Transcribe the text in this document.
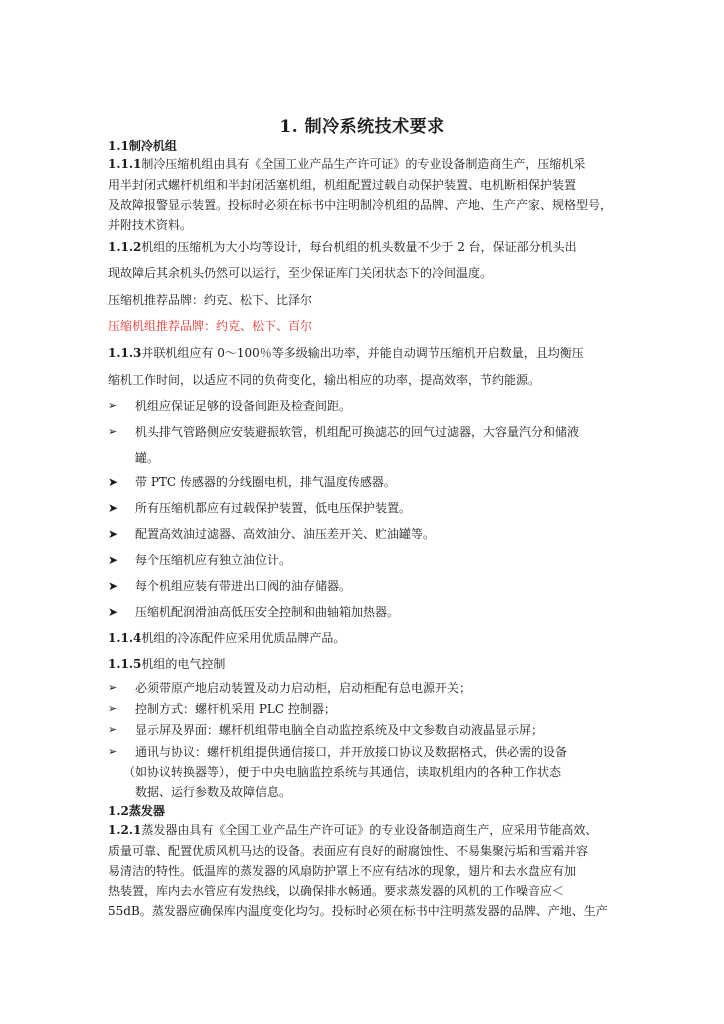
1. 制冷系统技术要求
1.1制冷机组
1.1.1制冷压缩机组由具有《全国工业产品生产许可证》的专业设备制造商生产，压缩机采
用半封闭式螺杆机组和半封闭活塞机组，机组配置过载自动保护装置、电机断相保护装置
及故障报警显示装置。投标时必须在标书中注明制冷机组的品牌、产地、生产产家、规格型号，
并附技术资料。
1.1.2机组的压缩机为大小均等设计，每台机组的机头数量不少于 2 台，保证部分机头出
现故障后其余机头仍然可以运行，至少保证库门关闭状态下的冷间温度。
压缩机推荐品牌：约克、松下、比泽尔
压缩机组推荐品牌：约克、松下、百尔
1.1.3并联机组应有 0～100％等多级输出功率，并能自动调节压缩机开启数量，且均衡压
缩机工作时间，以适应不同的负荷变化，输出相应的功率，提高效率，节约能源。
➢	机组应保证足够的设备间距及检查间距。
➢	机头排气管路侧应安装避振软管，机组配可换滤芯的回气过滤器，大容量汽分和储液
罐。
➤	带 PTC 传感器的分线圈电机，排气温度传感器。
➤	所有压缩机都应有过载保护装置，低电压保护装置。
➤	配置高效油过滤器、高效油分、油压差开关、贮油罐等。
➤	每个压缩机应有独立油位计。
➤	每个机组应装有带进出口阀的油存储器。
➤	压缩机配润滑油高低压安全控制和曲轴箱加热器。
1.1.4机组的冷冻配件应采用优质品牌产品。
1.1.5机组的电气控制
➢	必须带原产地启动装置及动力启动柜，启动柜配有总电源开关；
➢	控制方式：螺杆机采用 PLC 控制器；
➢	显示屏及界面：螺杆机组带电脑全自动监控系统及中文参数自动液晶显示屏；
➢	通讯与协议：螺杆机组提供通信接口，并开放接口协议及数据格式，供必需的设备
（如协议转换器等），便于中央电脑监控系统与其通信，读取机组内的各种工作状态
数据、运行参数及故障信息。
1.2蒸发器
1.2.1蒸发器由具有《全国工业产品生产许可证》的专业设备制造商生产，应采用节能高效、
质量可靠、配置优质风机马达的设备。表面应有良好的耐腐蚀性、不易集聚污垢和雪霜并容
易清洁的特性。低温库的蒸发器的风扇防护罩上不应有结冰的现象，翅片和去水盘应有加
热装置，库内去水管应有发热线，以确保排水畅通。要求蒸发器的风机的工作噪音应＜
55dB。蒸发器应确保库内温度变化均匀。投标时必须在标书中注明蒸发器的品牌、产地、生产
